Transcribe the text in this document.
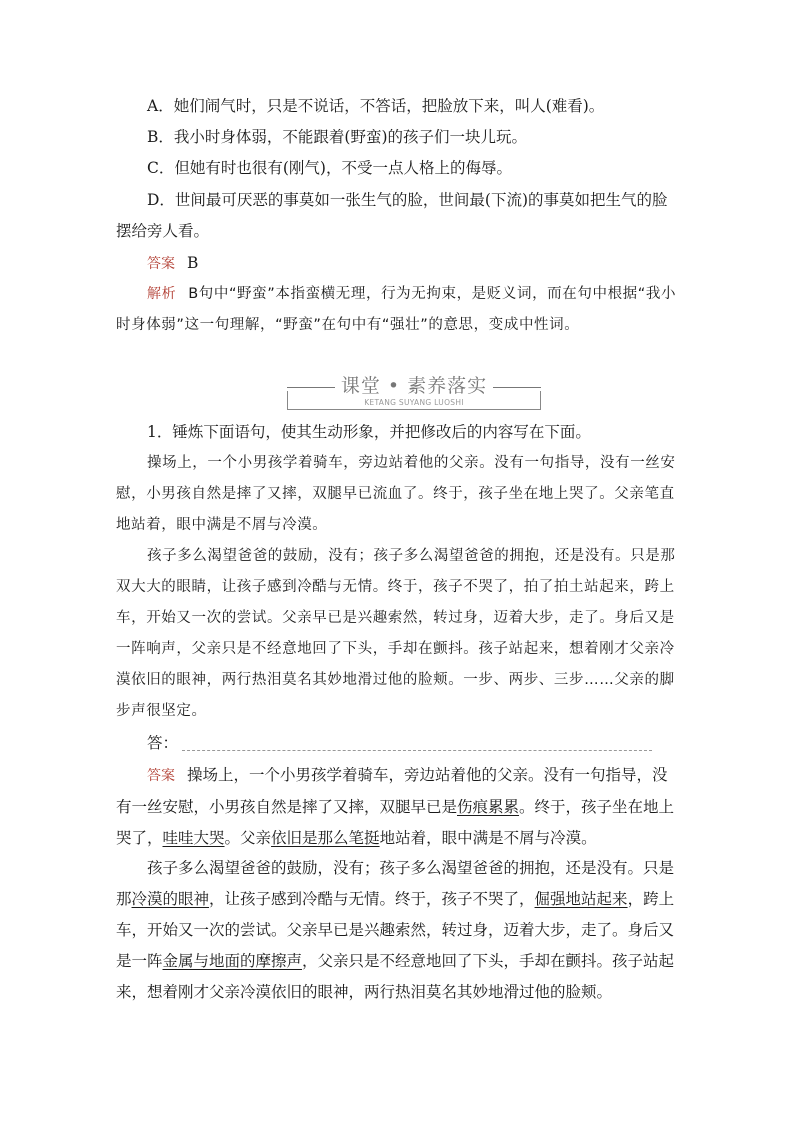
A．她们闹气时，只是不说话，不答话，把脸放下来，叫人(难看)。

B．我小时身体弱，不能跟着(野蛮)的孩子们一块儿玩。

C．但她有时也很有(刚气)，不受一点人格上的侮辱。

D．世间最可厌恶的事莫如一张生气的脸，世间最(下流)的事莫如把生气的脸摆给旁人看。

答案 B

解析 B句中“野蛮”本指蛮横无理，行为无拘束，是贬义词，而在句中根据“我小时身体弱”这一句理解，“野蛮”在句中有“强壮”的意思，变成中性词。

课堂 • 素养落实
KETANG SUYANG LUOSHI

1．锤炼下面语句，使其生动形象，并把修改后的内容写在下面。

操场上，一个小男孩学着骑车，旁边站着他的父亲。没有一句指导，没有一丝安慰，小男孩自然是摔了又摔，双腿早已流血了。终于，孩子坐在地上哭了。父亲笔直地站着，眼中满是不屑与冷漠。

孩子多么渴望爸爸的鼓励，没有；孩子多么渴望爸爸的拥抱，还是没有。只是那双大大的眼睛，让孩子感到冷酷与无情。终于，孩子不哭了，拍了拍土站起来，跨上车，开始又一次的尝试。父亲早已是兴趣索然，转过身，迈着大步，走了。身后又是一阵响声，父亲只是不经意地回了下头，手却在颤抖。孩子站起来，想着刚才父亲冷漠依旧的眼神，两行热泪莫名其妙地滑过他的脸颊。一步、两步、三步……父亲的脚步声很坚定。

答：

答案 操场上，一个小男孩学着骑车，旁边站着他的父亲。没有一句指导，没有一丝安慰，小男孩自然是摔了又摔，双腿早已是伤痕累累。终于，孩子坐在地上哭了，哇哇大哭。父亲依旧是那么笔挺地站着，眼中满是不屑与冷漠。

孩子多么渴望爸爸的鼓励，没有；孩子多么渴望爸爸的拥抱，还是没有。只是那冷漠的眼神，让孩子感到冷酷与无情。终于，孩子不哭了，倔强地站起来，跨上车，开始又一次的尝试。父亲早已是兴趣索然，转过身，迈着大步，走了。身后又是一阵金属与地面的摩擦声，父亲只是不经意地回了下头，手却在颤抖。孩子站起来，想着刚才父亲冷漠依旧的眼神，两行热泪莫名其妙地滑过他的脸颊。
